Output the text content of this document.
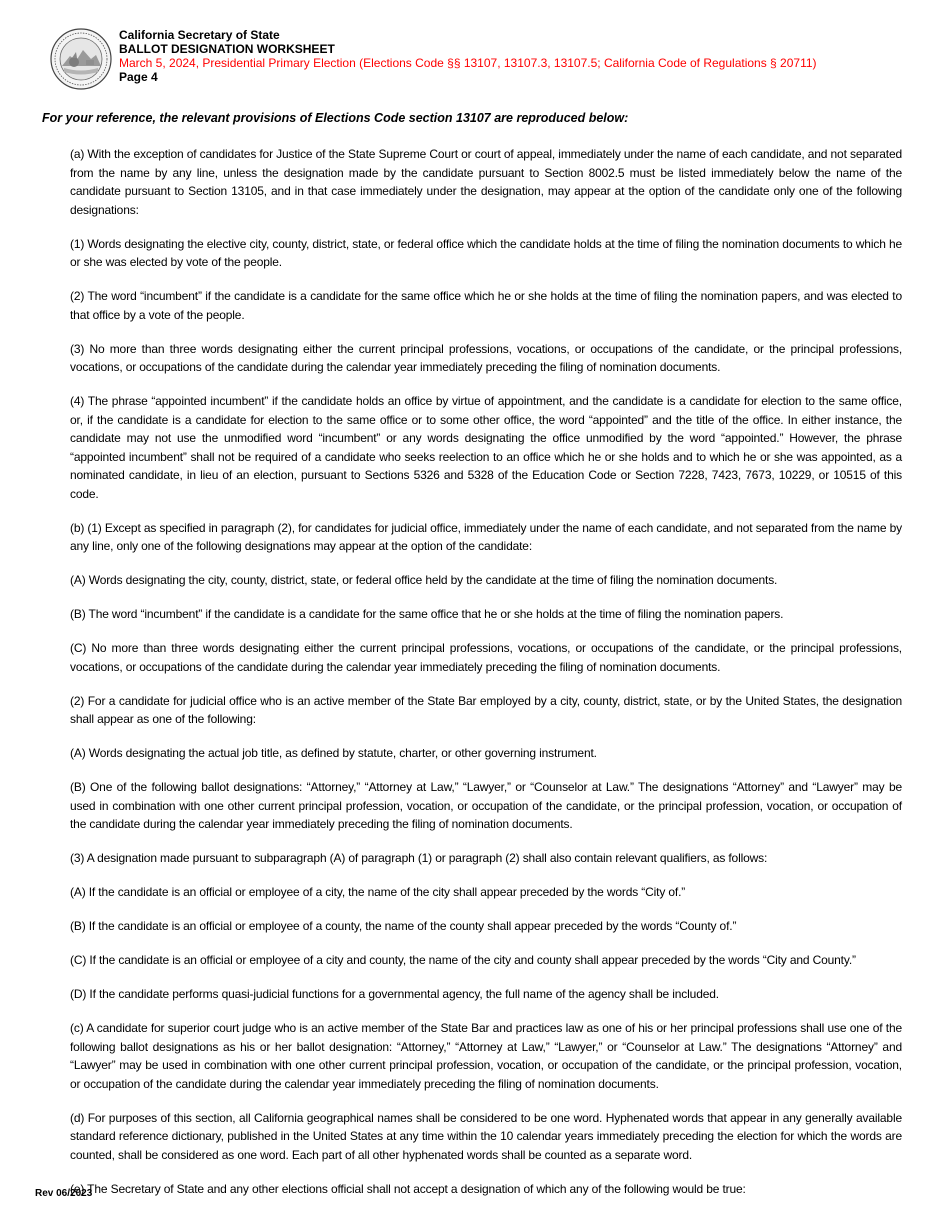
California Secretary of State
BALLOT DESIGNATION WORKSHEET
March 5, 2024, Presidential Primary Election (Elections Code §§ 13107, 13107.3, 13107.5; California Code of Regulations § 20711)
Page 4
For your reference, the relevant provisions of Elections Code section 13107 are reproduced below:

(a) With the exception of candidates for Justice of the State Supreme Court or court of appeal, immediately under the name of each candidate, and not separated from the name by any line, unless the designation made by the candidate pursuant to Section 8002.5 must be listed immediately below the name of the candidate pursuant to Section 13105, and in that case immediately under the designation, may appear at the option of the candidate only one of the following designations:

(1) Words designating the elective city, county, district, state, or federal office which the candidate holds at the time of filing the nomination documents to which he or she was elected by vote of the people.

(2) The word “incumbent” if the candidate is a candidate for the same office which he or she holds at the time of filing the nomination papers, and was elected to that office by a vote of the people.

(3) No more than three words designating either the current principal professions, vocations, or occupations of the candidate, or the principal professions, vocations, or occupations of the candidate during the calendar year immediately preceding the filing of nomination documents.

(4) The phrase “appointed incumbent” if the candidate holds an office by virtue of appointment, and the candidate is a candidate for election to the same office, or, if the candidate is a candidate for election to the same office or to some other office, the word “appointed” and the title of the office. In either instance, the candidate may not use the unmodified word “incumbent” or any words designating the office unmodified by the word “appointed.” However, the phrase “appointed incumbent” shall not be required of a candidate who seeks reelection to an office which he or she holds and to which he or she was appointed, as a nominated candidate, in lieu of an election, pursuant to Sections 5326 and 5328 of the Education Code or Section 7228, 7423, 7673, 10229, or 10515 of this code.

(b) (1) Except as specified in paragraph (2), for candidates for judicial office, immediately under the name of each candidate, and not separated from the name by any line, only one of the following designations may appear at the option of the candidate:

(A) Words designating the city, county, district, state, or federal office held by the candidate at the time of filing the nomination documents.

(B) The word “incumbent” if the candidate is a candidate for the same office that he or she holds at the time of filing the nomination papers.

(C) No more than three words designating either the current principal professions, vocations, or occupations of the candidate, or the principal professions, vocations, or occupations of the candidate during the calendar year immediately preceding the filing of nomination documents.

(2) For a candidate for judicial office who is an active member of the State Bar employed by a city, county, district, state, or by the United States, the designation shall appear as one of the following:

(A) Words designating the actual job title, as defined by statute, charter, or other governing instrument.

(B) One of the following ballot designations: “Attorney,” “Attorney at Law,” “Lawyer,” or “Counselor at Law.” The designations “Attorney” and “Lawyer” may be used in combination with one other current principal profession, vocation, or occupation of the candidate, or the principal profession, vocation, or occupation of the candidate during the calendar year immediately preceding the filing of nomination documents.

(3) A designation made pursuant to subparagraph (A) of paragraph (1) or paragraph (2) shall also contain relevant qualifiers, as follows:

(A) If the candidate is an official or employee of a city, the name of the city shall appear preceded by the words “City of.”

(B) If the candidate is an official or employee of a county, the name of the county shall appear preceded by the words “County of.”

(C) If the candidate is an official or employee of a city and county, the name of the city and county shall appear preceded by the words “City and County.”

(D) If the candidate performs quasi-judicial functions for a governmental agency, the full name of the agency shall be included.

(c) A candidate for superior court judge who is an active member of the State Bar and practices law as one of his or her principal professions shall use one of the following ballot designations as his or her ballot designation: “Attorney,” “Attorney at Law,” “Lawyer,” or “Counselor at Law.” The designations “Attorney” and “Lawyer” may be used in combination with one other current principal profession, vocation, or occupation of the candidate, or the principal profession, vocation, or occupation of the candidate during the calendar year immediately preceding the filing of nomination documents.

(d) For purposes of this section, all California geographical names shall be considered to be one word. Hyphenated words that appear in any generally available standard reference dictionary, published in the United States at any time within the 10 calendar years immediately preceding the election for which the words are counted, shall be considered as one word. Each part of all other hyphenated words shall be counted as a separate word.

(e) The Secretary of State and any other elections official shall not accept a designation of which any of the following would be true:

Rev 06/2023
